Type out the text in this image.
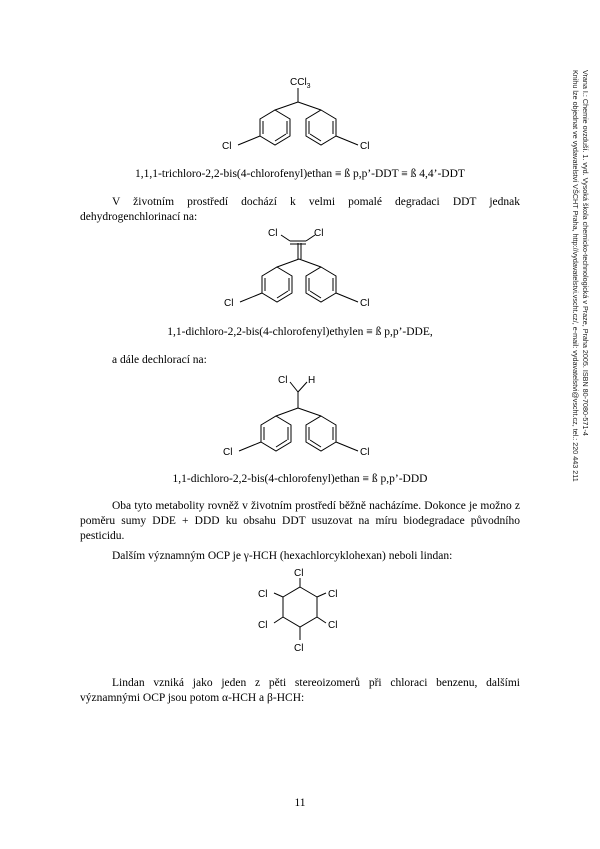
CCl$_3$
Cl	Cl
1,1,1-trichloro-2,2-bis(4-chlorofenyl)ethan ≡ ß p,p’-DDT ≡ ß 4,4’-DDT

V životním prostředí dochází k velmi pomalé degradaci DDT jednak dehydrogenchlorinací na:

Cl	Cl
Cl	Cl
1,1-dichloro-2,2-bis(4-chlorofenyl)ethylen ≡ ß p,p’-DDE,

a dále dechlorací na:

Cl H
Cl	Cl
1,1-dichloro-2,2-bis(4-chlorofenyl)ethan ≡ ß p,p’-DDD

Oba tyto metabolity rovněž v životním prostředí běžně nacházíme. Dokonce je možno z poměru sumy DDE + DDD ku obsahu DDT usuzovat na míru biodegradace původního pesticidu.

Dalším významným OCP je γ-HCH (hexachlorcyklohexan) neboli lindan:

Cl
Cl
Cl
Cl
Cl
Cl

Lindan vzniká jako jeden z pěti stereoizomerů při chloraci benzenu, dalšími významnými OCP jsou potom α-HCH a β-HCH:

Vrana I.: Chemie ovzduší. 1. vyd. Vysoká škola chemicko-technologická v Praze, Praha 2005. ISBN 80-7080-571-4
Knihu lze objednat ve vydavatelství VŠCHT Praha, http://vydavatelstvi.vscht.cz/, e-mail: vydavatelstvi@vscht.cz, tel.: 220 443 211
11
